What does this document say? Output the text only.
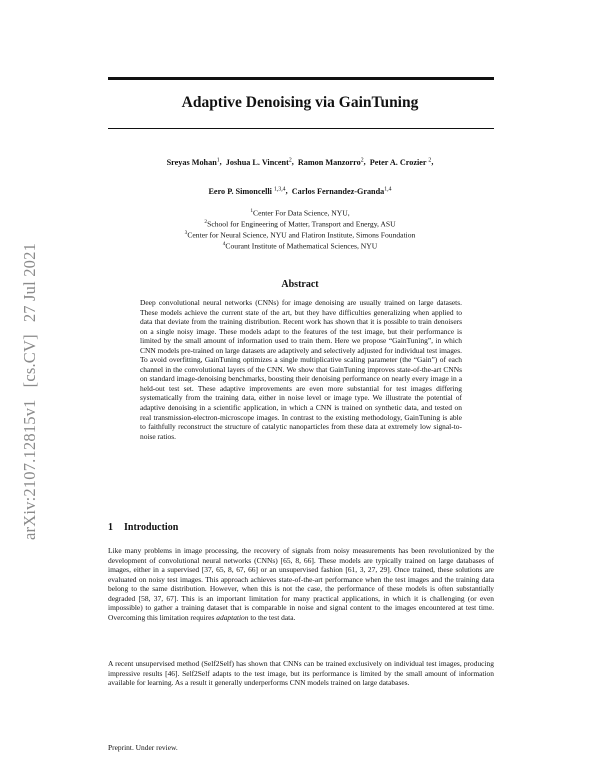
arXiv:2107.12815v1[cs.CV]27 Jul 2021
Adaptive Denoising via GainTuning
Sreyas Mohan$^1$,  Joshua L. Vincent$^2$,  Ramon Manzorro$^2$,  Peter A. Crozier $^2$,
Eero P. Simoncelli $^{1,3,4}$,  Carlos Fernandez-Granda$^{1,4}$
$^1$Center For Data Science, NYU,
$^2$School for Engineering of Matter, Transport and Energy, ASU
$^3$Center for Neural Science, NYU and Flatiron Institute, Simons Foundation
$^4$Courant Institute of Mathematical Sciences, NYU
Abstract
Deep convolutional neural networks (CNNs) for image denoising are usually trained on large datasets. These models achieve the current state of the art, but they have difficulties generalizing when applied to data that deviate from the training distribution. Recent work has shown that it is possible to train denoisers on a single noisy image. These models adapt to the features of the test image, but their performance is limited by the small amount of information used to train them. Here we propose “GainTuning”, in which CNN models pre-trained on large datasets are adaptively and selectively adjusted for individual test images. To avoid overfitting, GainTuning optimizes a single multiplicative scaling parameter (the “Gain”) of each channel in the convolutional layers of the CNN. We show that GainTuning improves state-of-the-art CNNs on standard image-denoising benchmarks, boosting their denoising performance on nearly every image in a held-out test set. These adaptive improvements are even more substantial for test images differing systematically from the training data, either in noise level or image type. We illustrate the potential of adaptive denoising in a scientific application, in which a CNN is trained on synthetic data, and tested on real transmission-electron-microscope images. In contrast to the existing methodology, GainTuning is able to faithfully reconstruct the structure of catalytic nanoparticles from these data at extremely low signal-to-noise ratios.
1 Introduction
Like many problems in image processing, the recovery of signals from noisy measurements has been revolutionized by the development of convolutional neural networks (CNNs) [65, 8, 66]. These models are typically trained on large databases of images, either in a supervised [37, 65, 8, 67, 66] or an unsupervised fashion [61, 3, 27, 29]. Once trained, these solutions are evaluated on noisy test images. This approach achieves state-of-the-art performance when the test images and the training data belong to the same distribution. However, when this is not the case, the performance of these models is often substantially degraded [58, 37, 67]. This is an important limitation for many practical applications, in which it is challenging (or even impossible) to gather a training dataset that is comparable in noise and signal content to the images encountered at test time. Overcoming this limitation requires adaptation to the test data.
A recent unsupervised method (Self2Self) has shown that CNNs can be trained exclusively on individual test images, producing impressive results [46]. Self2Self adapts to the test image, but its performance is limited by the small amount of information available for learning. As a result it generally underperforms CNN models trained on large databases.
Preprint. Under review.
